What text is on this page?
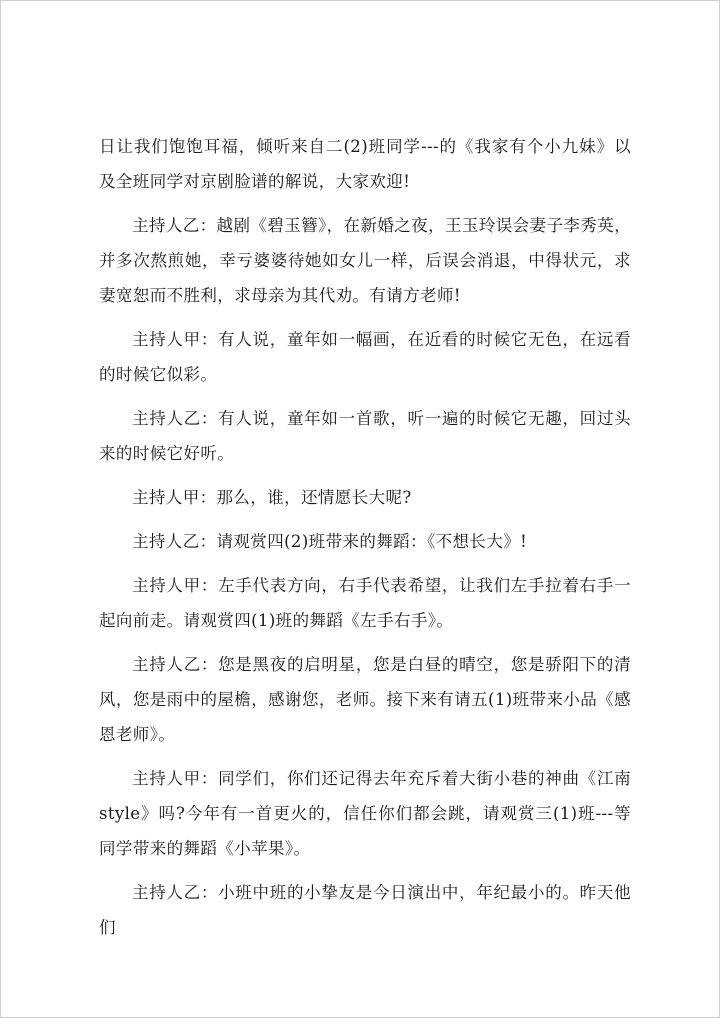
日让我们饱饱耳福，倾听来自二(2)班同学---的《我家有个小九妹》以及全班同学对京剧脸谱的解说，大家欢迎!

主持人乙：越剧《碧玉簪》，在新婚之夜，王玉玲误会妻子李秀英，并多次熬煎她，幸亏婆婆待她如女儿一样，后误会消退，中得状元，求妻宽恕而不胜利，求母亲为其代劝。有请方老师!

主持人甲：有人说，童年如一幅画，在近看的时候它无色，在远看的时候它似彩。

主持人乙：有人说，童年如一首歌，听一遍的时候它无趣，回过头来的时候它好听。

主持人甲：那么，谁，还情愿长大呢?

主持人乙：请观赏四(2)班带来的舞蹈：《不想长大》!

主持人甲：左手代表方向，右手代表希望，让我们左手拉着右手一起向前走。请观赏四(1)班的舞蹈《左手右手》。

主持人乙：您是黑夜的启明星，您是白昼的晴空，您是骄阳下的清风，您是雨中的屋檐，感谢您，老师。接下来有请五(1)班带来小品《感恩老师》。

主持人甲：同学们，你们还记得去年充斥着大街小巷的神曲《江南style》吗?今年有一首更火的，信任你们都会跳，请观赏三(1)班---等同学带来的舞蹈《小苹果》。

主持人乙：小班中班的小挚友是今日演出中，年纪最小的。昨天他们
